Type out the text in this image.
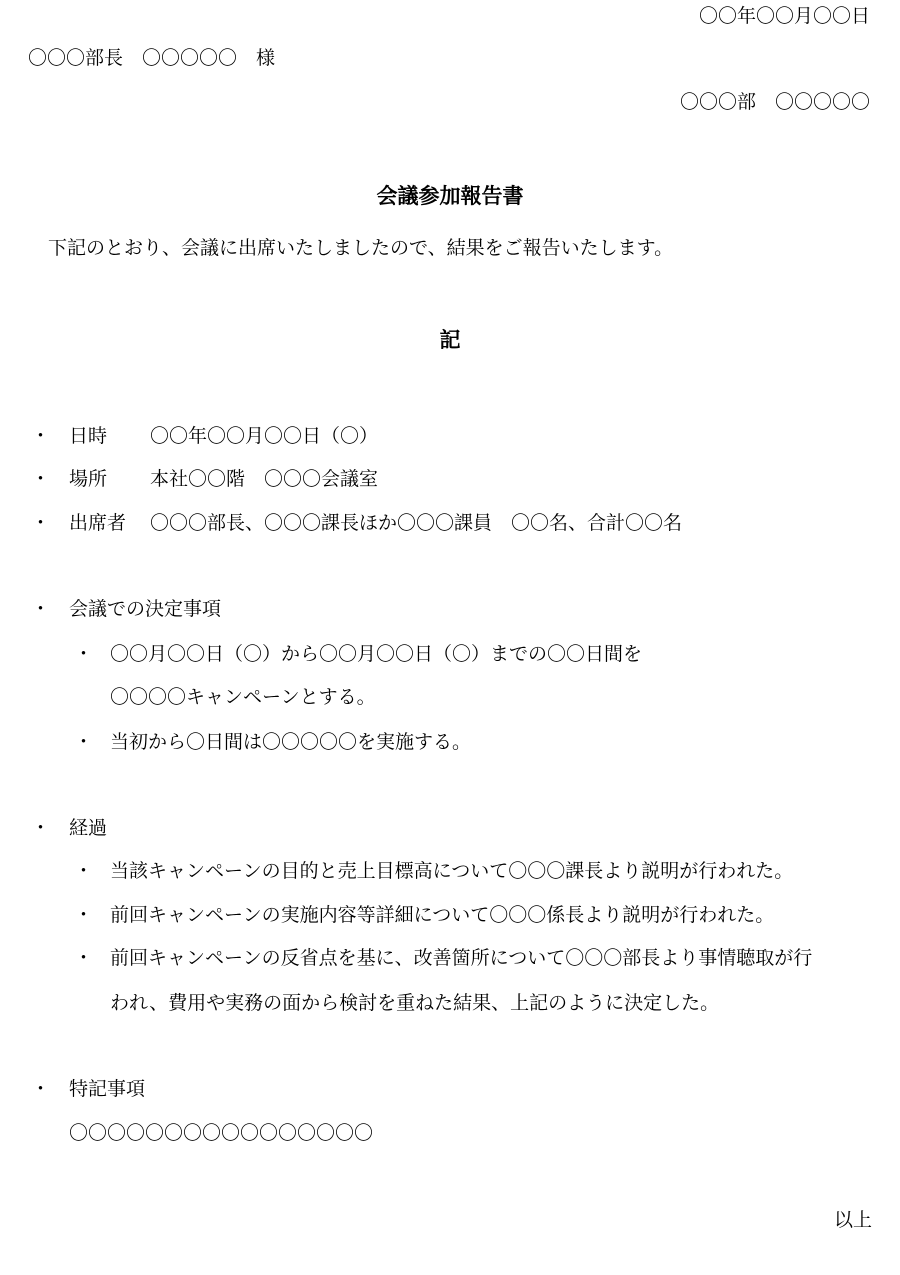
〇〇年〇〇月〇〇日
〇〇〇部長　〇〇〇〇〇　様
〇〇〇部　〇〇〇〇〇
会議参加報告書
下記のとおり、会議に出席いたしましたので、結果をご報告いたします。
記
・ 日時 〇〇年〇〇月〇〇日（〇）
・ 場所 本社〇〇階　〇〇〇会議室
・ 出席者 〇〇〇部長、〇〇〇課長ほか〇〇〇課員　〇〇名、合計〇〇名
・ 会議での決定事項
・ 〇〇月〇〇日（〇）から〇〇月〇〇日（〇）までの〇〇日間を
〇〇〇〇キャンペーンとする。
・ 当初から〇日間は〇〇〇〇〇を実施する。
・ 経過
・ 当該キャンペーンの目的と売上目標高について〇〇〇課長より説明が行われた。
・ 前回キャンペーンの実施内容等詳細について〇〇〇係長より説明が行われた。
・ 前回キャンペーンの反省点を基に、改善箇所について〇〇〇部長より事情聴取が行
われ、費用や実務の面から検討を重ねた結果、上記のように決定した。
・ 特記事項
〇〇〇〇〇〇〇〇〇〇〇〇〇〇〇〇
以上
